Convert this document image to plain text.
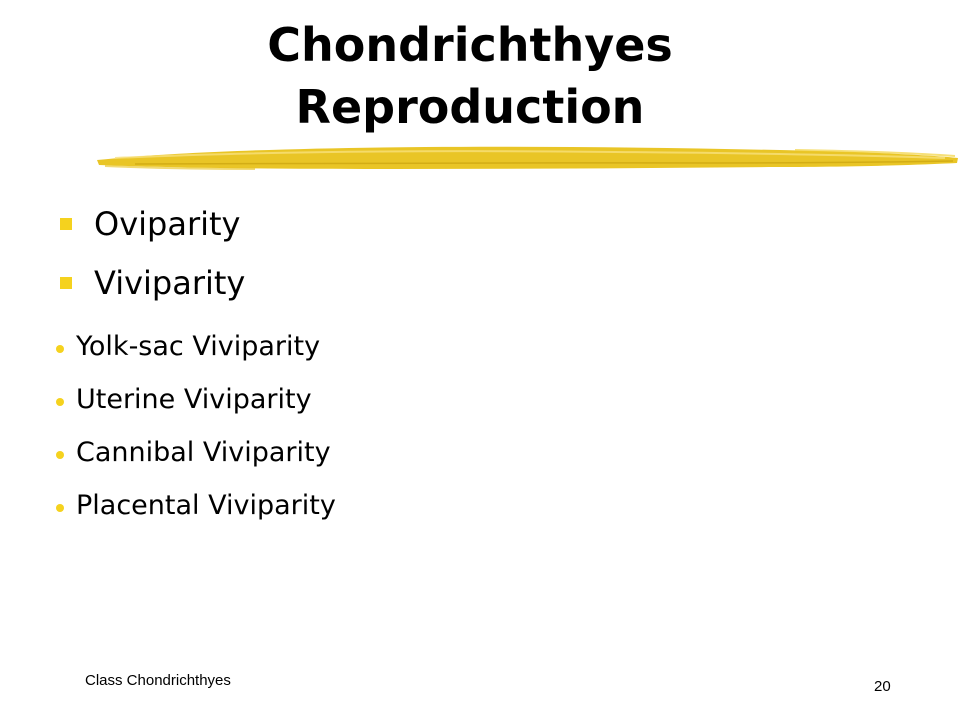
Chondrichthyes
Reproduction
Oviparity
Viviparity
Yolk-sac Viviparity
Uterine Viviparity
Cannibal Viviparity
Placental Viviparity
Class Chondrichthyes	20
